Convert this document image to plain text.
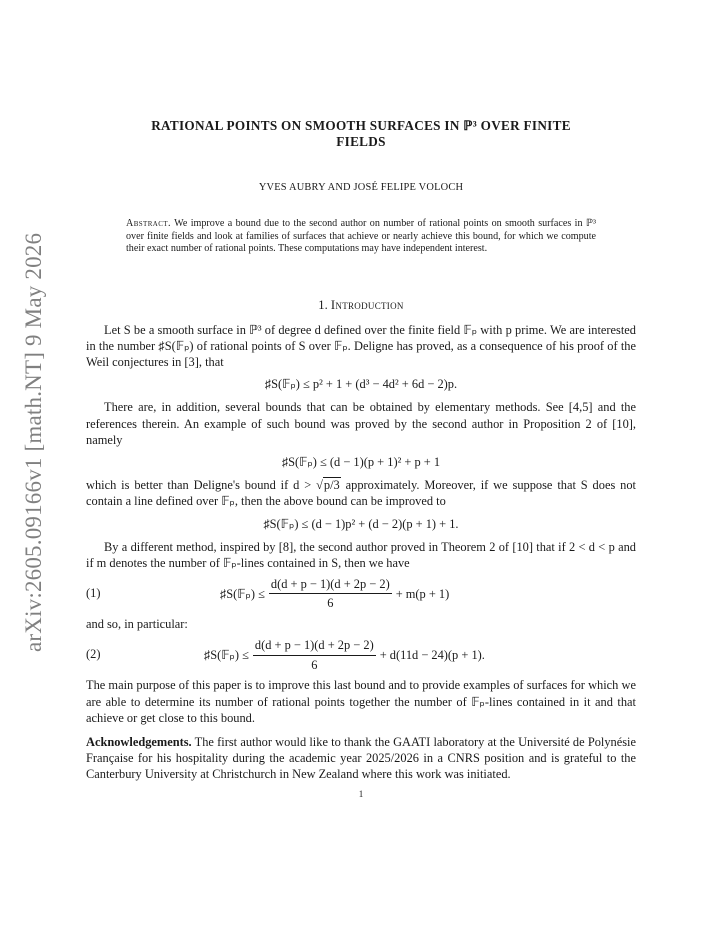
arXiv:2605.09166v1 [math.NT] 9 May 2026
RATIONAL POINTS ON SMOOTH SURFACES IN ℙ³ OVER FINITE FIELDS
YVES AUBRY AND JOSÉ FELIPE VOLOCH
Abstract. We improve a bound due to the second author on number of rational points on smooth surfaces in ℙ³ over finite fields and look at families of surfaces that achieve or nearly achieve this bound, for which we compute their exact number of rational points. These computations may have independent interest.
1. Introduction

Let S be a smooth surface in ℙ³ of degree d defined over the finite field 𝔽ₚ with p prime. We are interested in the number ♯S(𝔽ₚ) of rational points of S over 𝔽ₚ. Deligne has proved, as a consequence of his proof of the Weil conjectures in [3], that

♯S(𝔽ₚ) ≤ p² + 1 + (d³ − 4d² + 6d − 2)p.

There are, in addition, several bounds that can be obtained by elementary methods. See [4,5] and the references therein. An example of such bound was proved by the second author in Proposition 2 of [10], namely

♯S(𝔽ₚ) ≤ (d − 1)(p + 1)² + p + 1

which is better than Deligne's bound if d > √p/3 approximately. Moreover, if we suppose that S does not contain a line defined over 𝔽ₚ, then the above bound can be improved to

♯S(𝔽ₚ) ≤ (d − 1)p² + (d − 2)(p + 1) + 1.

By a different method, inspired by [8], the second author proved in Theorem 2 of [10] that if 2 < d < p and if m denotes the number of 𝔽ₚ-lines contained in S, then we have

(1)	♯S(𝔽ₚ) ≤ $\frac{d(d + p - 1)(d + 2p - 2)}{6} + m(p + 1)$

and so, in particular:

(2)	♯S(𝔽ₚ) ≤ $\frac{d(d + p - 1)(d + 2p - 2)}{6} + d(11d - 24)(p + 1)$.

The main purpose of this paper is to improve this last bound and to provide examples of surfaces for which we are able to determine its number of rational points together the number of 𝔽ₚ-lines contained in it and that achieve or get close to this bound.

Acknowledgements. The first author would like to thank the GAATI laboratory at the Université de Polynésie Française for his hospitality during the academic year 2025/2026 in a CNRS position and is grateful to the Canterbury University at Christchurch in New Zealand where this work was initiated.

1
